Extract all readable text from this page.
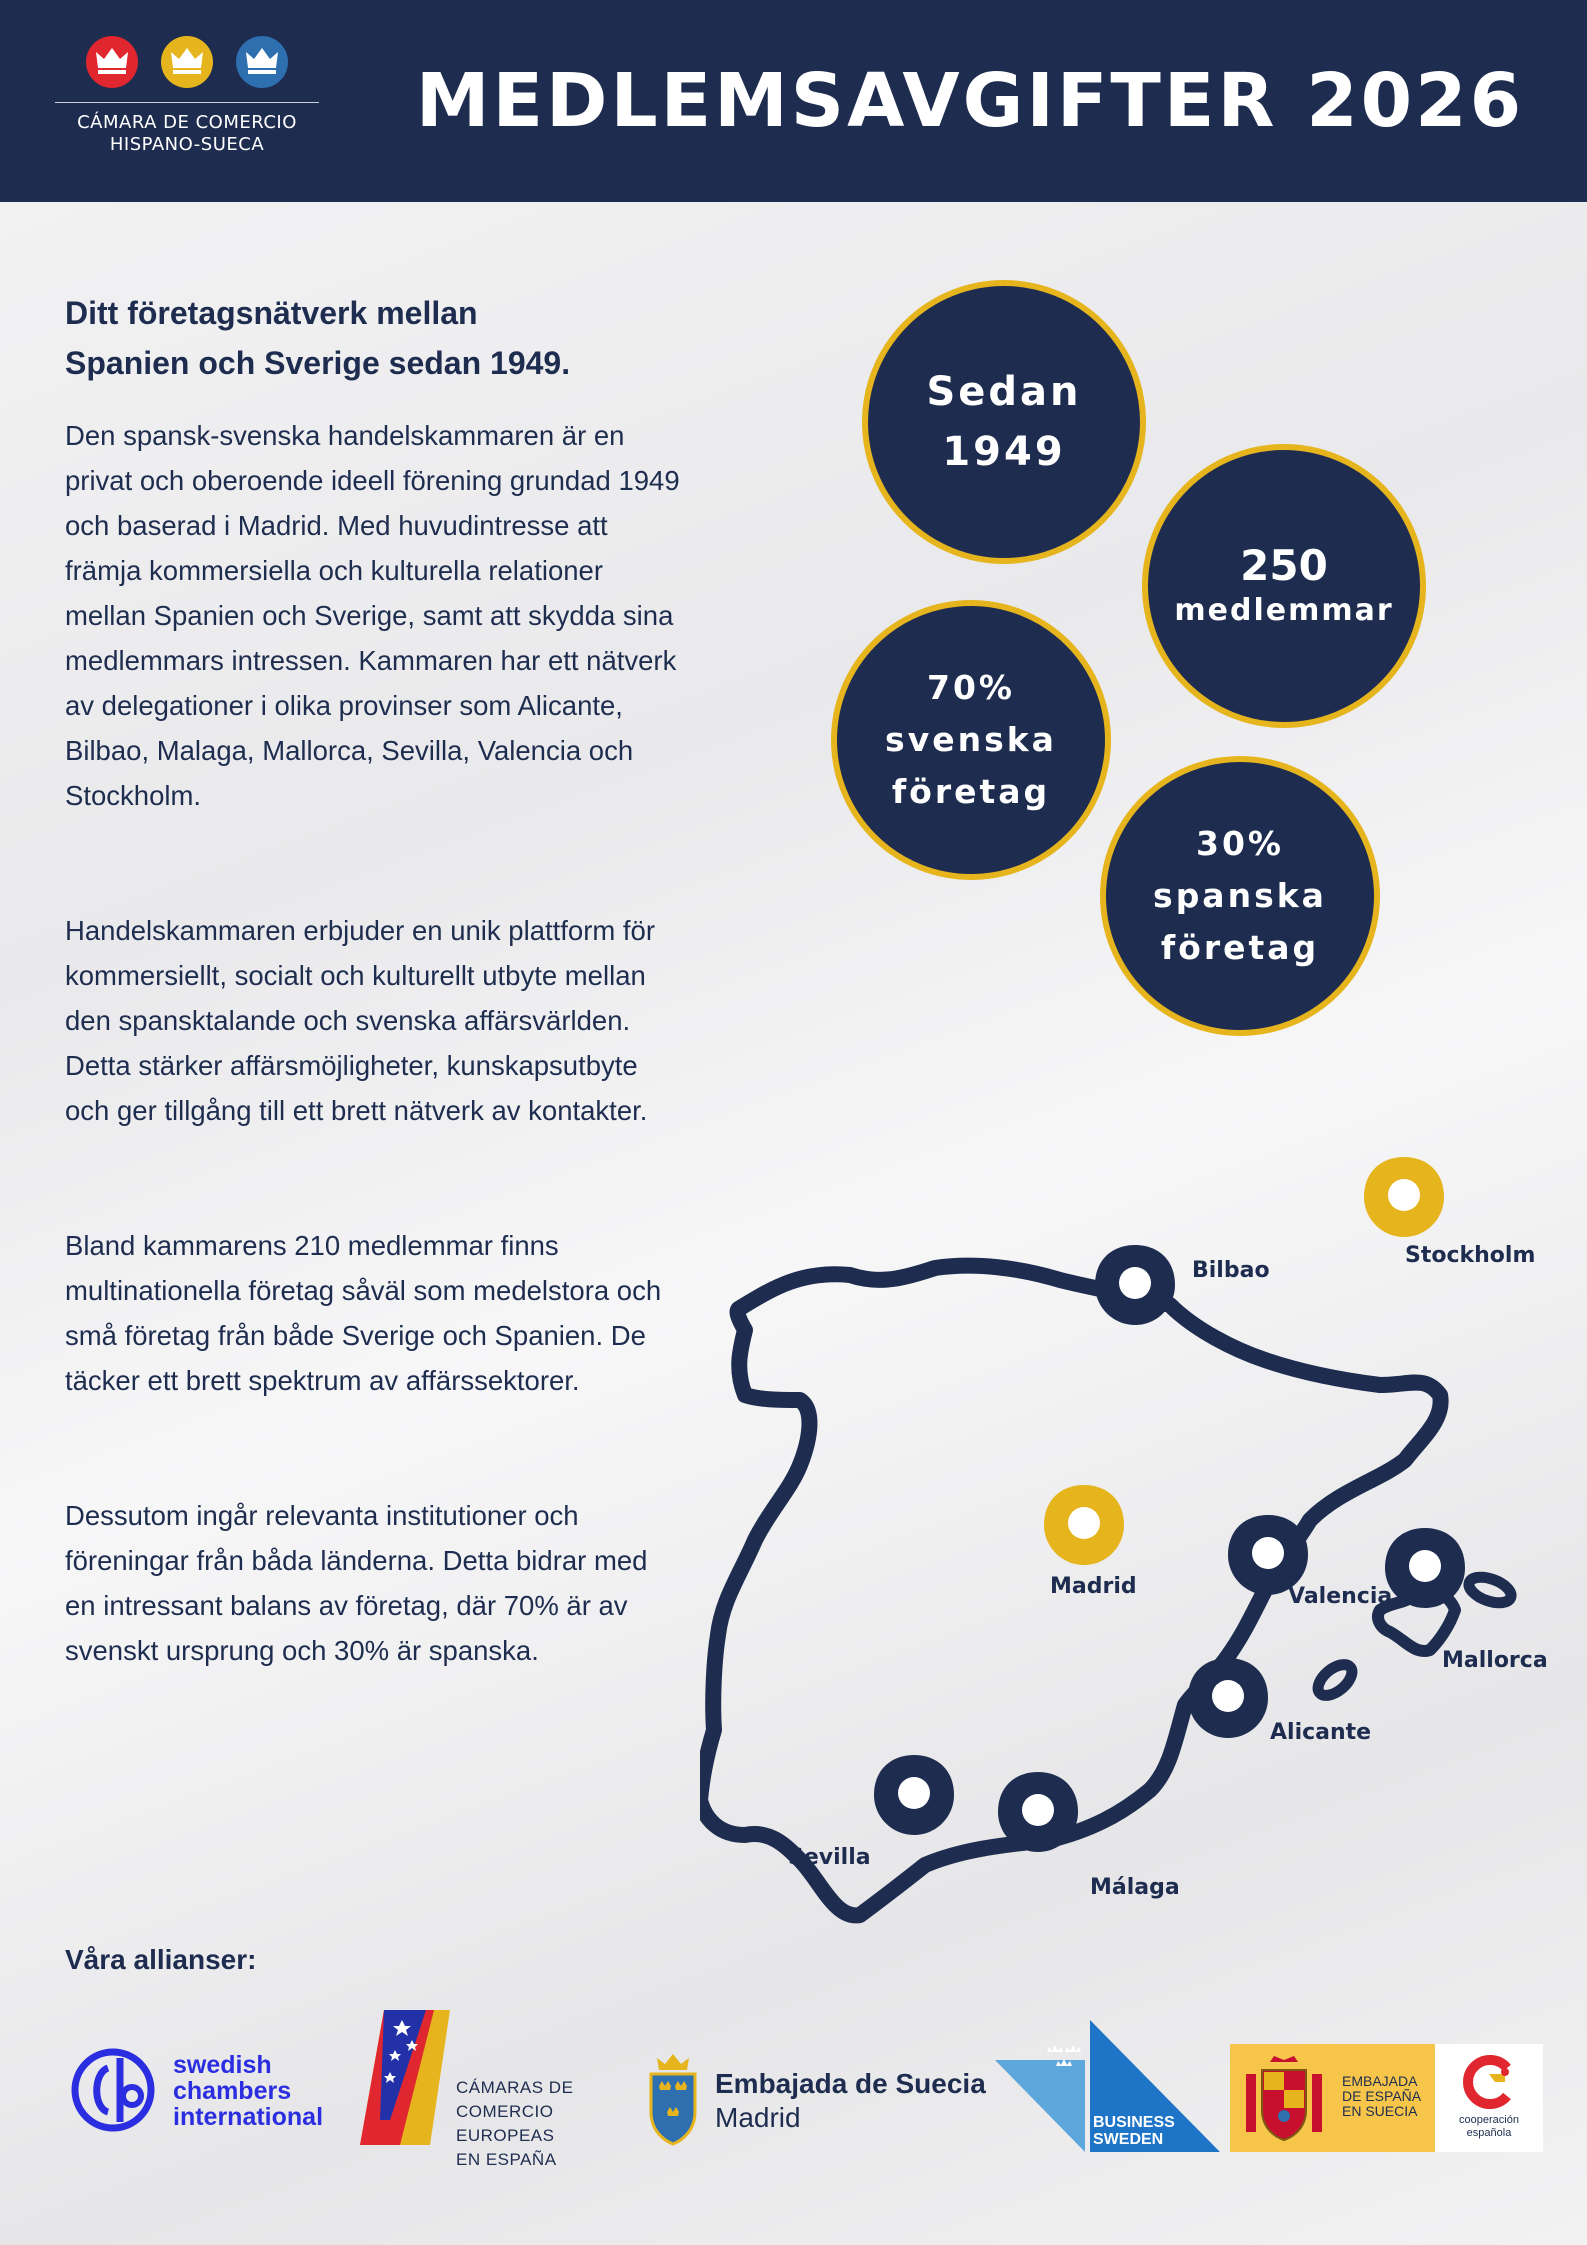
CÁMARA DE COMERCIO
HISPANO-SUECA
MEDLEMSAVGIFTER 2026
Ditt företagsnätverk mellan
Spanien och Sverige sedan 1949.

Den spansk-svenska handelskammaren är en privat och oberoende ideell förening grundad 1949 och baserad i Madrid. Med huvudintresse att främja kommersiella och kulturella relationer mellan Spanien och Sverige, samt att skydda sina medlemmars intressen. Kammaren har ett nätverk av delegationer i olika provinser som Alicante, Bilbao, Malaga, Mallorca, Sevilla, Valencia och Stockholm.

Handelskammaren erbjuder en unik plattform för kommersiellt, socialt och kulturellt utbyte mellan den spansktalande och svenska affärsvärlden. Detta stärker affärsmöjligheter, kunskapsutbyte och ger tillgång till ett brett nätverk av kontakter.

Bland kammarens 210 medlemmar finns multinationella företag såväl som medelstora och små företag från både Sverige och Spanien. De täcker ett brett spektrum av affärssektorer.

Dessutom ingår relevanta institutioner och föreningar från båda länderna. Detta bidrar med en intressant balans av företag, där 70% är av svenskt ursprung och 30% är spanska.

Sedan
1949
250
medlemmar
70%
svenska
företag
30%
spanska
företag
Bilbao
Stockholm
Madrid	Valencia
Mallorca
Alicante
Sevilla
Málaga
Våra allianser:
swedish
chambers
international
CÁMARAS DE
COMERCIO EUROPEAS
EN ESPAÑA
Embajada de Suecia
Madrid	BUSINESS
SWEDEN
EMBAJADA
DE ESPAÑA
EN SUECIA
cooperación
española
